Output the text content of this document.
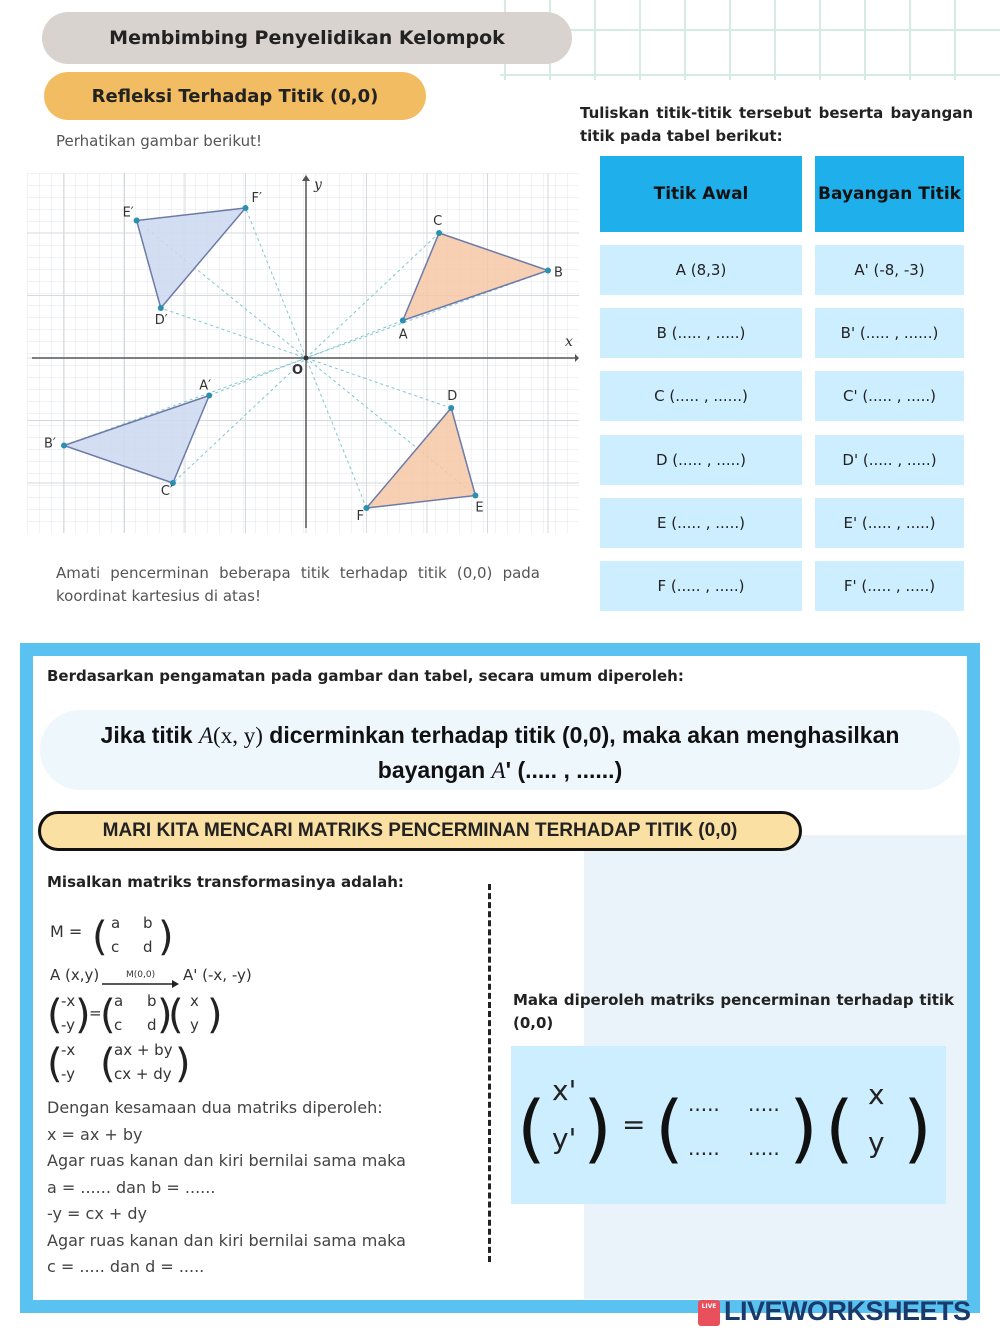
Membimbing Penyelidikan Kelompok
Refleksi Terhadap Titik (0,0)
Perhatikan gambar berikut!
A
B
C
D
E
F
A′
B′
C′
D′
E′
F′
O
x
y
Amati pencerminan beberapa titik terhadap titik (0,0) pada koordinat kartesius di atas!
Tuliskan titik-titik tersebut beserta bayangan titik pada tabel berikut:
Titik Awal	Bayangan Titik
A (8,3)	A' (-8, -3)
B (..... , .....)	B' (..... , ......)
C (..... , ......)	C' (..... , .....)
D (..... , .....)	D' (..... , .....)
E (..... , .....)	E' (..... , .....)
F (..... , .....)	F' (..... , .....)
Berdasarkan pengamatan pada gambar dan tabel, secara umum diperoleh:
Jika titik A(x, y) dicerminkan terhadap titik (0,0), maka akan menghasilkan
bayangan A' (..... , ......)
MARI KITA MENCARI MATRIKS PENCERMINAN TERHADAP TITIK (0,0)
Misalkan matriks transformasinya adalah:
M = ( )
a b
c d
A (x,y)	M(0,0) A' (-x, -y)
( ) ( )
( )
-x
-y
=
a b
c d
x
y
( ( )
-x
-y
ax + by
cx + dy
Dengan kesamaan dua matriks diperoleh:
x = ax + by
Agar ruas kanan dan kiri bernilai sama maka
a = ...... dan b = ......
-y = cx + dy
Agar ruas kanan dan kiri bernilai sama maka
c = ..... dan d = .....
Maka diperoleh matriks pencerminan terhadap titik (0,0)
( ) ( ) ( )
x'
y' =
..... .....
..... .....
x
y
LIVE LIVEWORKSHEETS
